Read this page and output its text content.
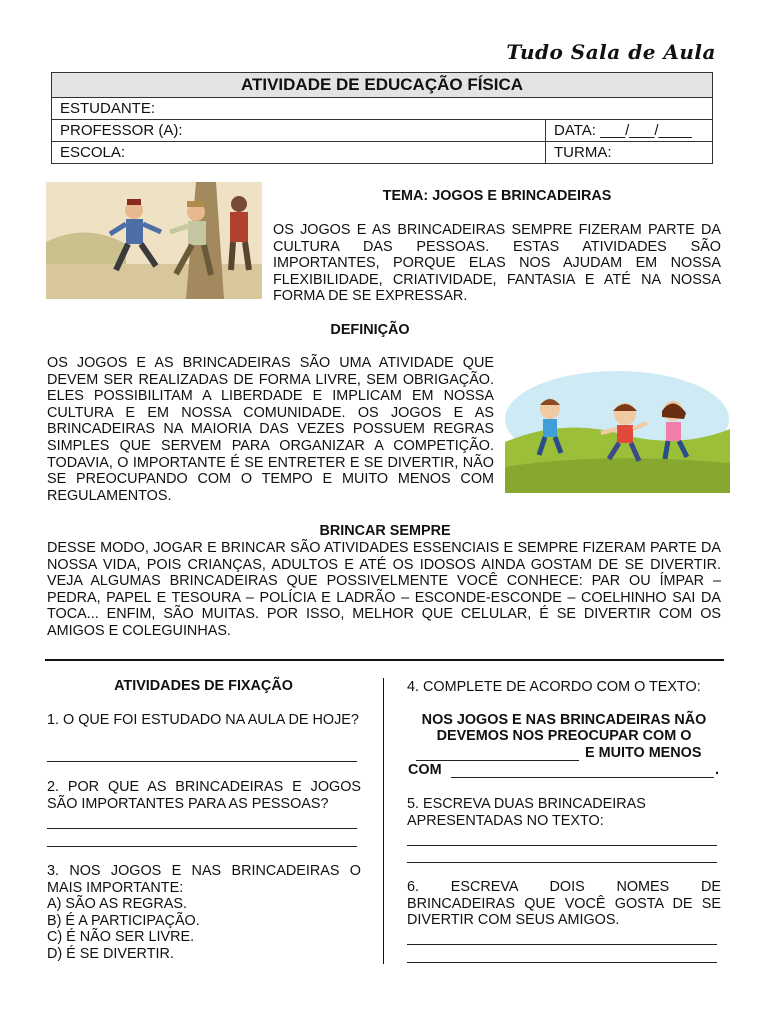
Tudo Sala de Aula
ATIVIDADE DE EDUCAÇÃO FÍSICA	
ESTUDANTE:	
PROFESSOR (A):	DATA: ___/___/____
ESCOLA:	TURMA:
TEMA: JOGOS E BRINCADEIRAS
OS JOGOS E AS BRINCADEIRAS SEMPRE FIZERAM PARTE DA CULTURA DAS PESSOAS. ESTAS ATIVIDADES SÃO IMPORTANTES, PORQUE ELAS NOS AJUDAM EM NOSSA FLEXIBILIDADE, CRIATIVIDADE, FANTASIA E ATÉ NA NOSSA FORMA DE SE EXPRESSAR.
DEFINIÇÃO
OS JOGOS E AS BRINCADEIRAS SÃO UMA ATIVIDADE QUE DEVEM SER REALIZADAS DE FORMA LIVRE, SEM OBRIGAÇÃO. ELES POSSIBILITAM A LIBERDADE E IMPLICAM EM NOSSA CULTURA E EM NOSSA COMUNIDADE. OS JOGOS E AS BRINCADEIRAS NA MAIORIA DAS VEZES POSSUEM REGRAS SIMPLES QUE SERVEM PARA ORGANIZAR A COMPETIÇÃO. TODAVIA, O IMPORTANTE É SE ENTRETER E SE DIVERTIR, NÃO SE PREOCUPANDO COM O TEMPO E MUITO MENOS COM REGULAMENTOS.
BRINCAR SEMPRE
DESSE MODO, JOGAR E BRINCAR SÃO ATIVIDADES ESSENCIAIS E SEMPRE FIZERAM PARTE DA NOSSA VIDA, POIS CRIANÇAS, ADULTOS E ATÉ OS IDOSOS AINDA GOSTAM DE SE DIVERTIR. VEJA ALGUMAS BRINCADEIRAS QUE POSSIVELMENTE VOCÊ CONHECE: PAR OU ÍMPAR – PEDRA, PAPEL E TESOURA – POLÍCIA E LADRÃO – ESCONDE-ESCONDE – COELHINHO SAI DA TOCA... ENFIM, SÃO MUITAS. POR ISSO, MELHOR QUE CELULAR, É SE DIVERTIR COM OS AMIGOS E COLEGUINHAS.
ATIVIDADES DE FIXAÇÃO
1. O QUE FOI ESTUDADO NA AULA DE HOJE?
2. POR QUE AS BRINCADEIRAS E JOGOS SÃO IMPORTANTES PARA AS PESSOAS?
3. NOS JOGOS E NAS BRINCADEIRAS O MAIS IMPORTANTE:
A) SÃO AS REGRAS.
B) É A PARTICIPAÇÃO.
C) É NÃO SER LIVRE.
D) É SE DIVERTIR.
4. COMPLETE DE ACORDO COM O TEXTO:
NOS JOGOS E NAS BRINCADEIRAS NÃO
DEVEMOS NOS PREOCUPAR COM O
E MUITO MENOS
COM	.
5. ESCREVA DUAS BRINCADEIRAS APRESENTADAS NO TEXTO:
6. ESCREVA DOIS NOMES DE BRINCADEIRAS QUE VOCÊ GOSTA DE SE DIVERTIR COM SEUS AMIGOS.
